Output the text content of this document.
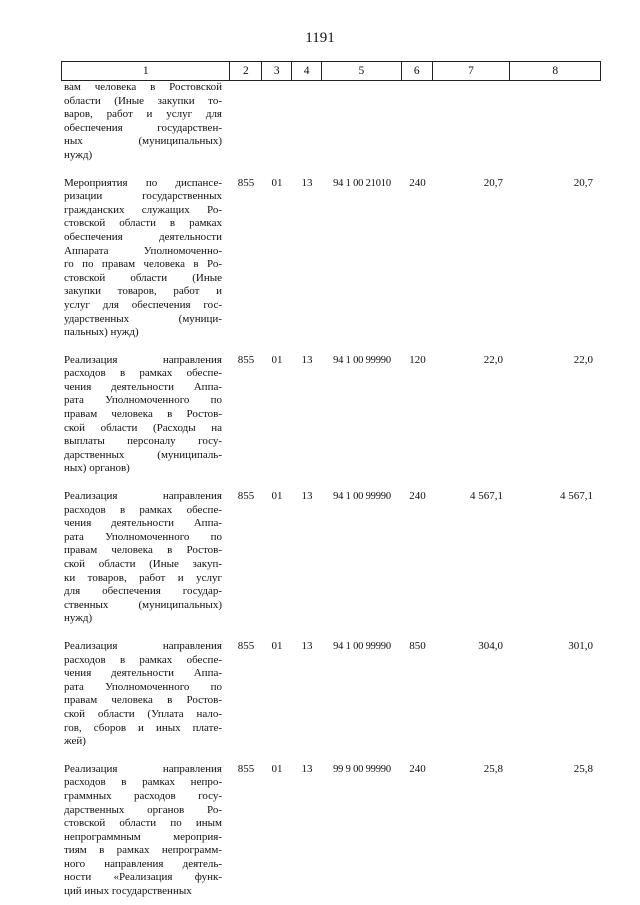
1191
1	2	3	4	5	6	7	8
вам человека в Ростовской
области (Иные закупки то-
варов, работ и услуг для
обеспечения государствен-
ных (муниципальных)
нужд)
Мероприятия по диспансе-
ризации государственных
гражданских служащих Ро-
стовской области в рамках
обеспечения деятельности
Аппарата Уполномоченно-
го по правам человека в Ро-
стовской области (Иные
закупки товаров, работ и
услуг для обеспечения гос-
ударственных (муници-
пальных) нужд)
855	01	13	94 1 00 21010	240	20,7	20,7
Реализация направления
расходов в рамках обеспе-
чения деятельности Аппа-
рата Уполномоченного по
правам человека в Ростов-
ской области (Расходы на
выплаты персоналу госу-
дарственных (муниципаль-
ных) органов)
855	01	13	94 1 00 99990	120	22,0	22,0
Реализация направления
расходов в рамках обеспе-
чения деятельности Аппа-
рата Уполномоченного по
правам человека в Ростов-
ской области (Иные закуп-
ки товаров, работ и услуг
для обеспечения государ-
ственных (муниципальных)
нужд)
855	01	13	94 1 00 99990	240	4 567,1	4 567,1
Реализация направления
расходов в рамках обеспе-
чения деятельности Аппа-
рата Уполномоченного по
правам человека в Ростов-
ской области (Уплата нало-
гов, сборов и иных плате-
жей)
855	01	13	94 1 00 99990	850	304,0	301,0
Реализация направления
расходов в рамках непро-
граммных расходов госу-
дарственных органов Ро-
стовской области по иным
непрограммным мероприя-
тиям в рамках непрограмм-
ного направления деятель-
ности «Реализация функ-
ций иных государственных
855	01	13	99 9 00 99990	240	25,8	25,8
